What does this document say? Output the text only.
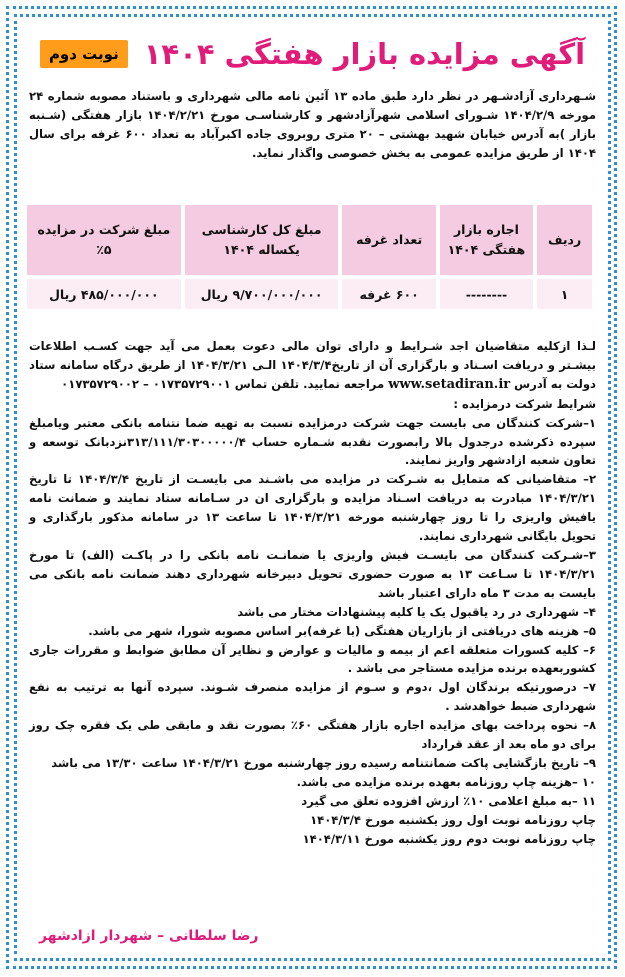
آگهی مزایده بازار هفتگی ۱۴۰۴
نوبت دوم
شـهرداری آزادشـهر در نظر دارد طبق ماده ۱۳ آئین نامه مالی شهرداری و باستناد مصوبه شماره ۲۴ مورخه ۱۴۰۴/۲/۹ شـورای اسلامی شهرآزادشهر و کارشناسـی مورخ ۱۴۰۴/۲/۲۱ بازار هفتگی (شـنبه بازار )به آدرس خیابان شهید بهشتی – ۲۰ متری روبروی جاده اکبرآباد به تعداد ۶۰۰ غرفه برای سال ۱۴۰۴ از طریق مزایده عمومی به بخش خصوصی واگذار نماید.
ردیف	اجاره بازار هفتگی ۱۴۰۴	تعداد غرفه	مبلغ کل کارشناسی یکساله ۱۴۰۴	مبلغ شرکت در مزایده ۵٪
۱	--------	۶۰۰ غرفه	۹/۷۰۰/۰۰۰/۰۰۰ ریال	۴۸۵/۰۰۰/۰۰۰ ریال

لـذا ازکلیه متقاضیان اجد شـرایط و دارای توان مالی دعوت بعمل می آید جهت کسـب اطلاعات بیشـتر و دریافت اسـناد و بارگزاری آن از تاریخ۱۴۰۴/۳/۴ الـی ۱۴۰۴/۳/۲۱ از طریق درگاه سامانه ستاد دولت به آدرس www.setadiran.ir مراجعه نمایید. تلفن تماس ۰۱۷۳۵۷۲۹۰۰۱ – ۰۱۷۳۵۷۲۹۰۰۲

شرایط شرکت درمزایده :

۱–شرکت کنندگان می بایست جهت شرکت درمزایده نسبت به تهیه ضما نتنامه بانکی معتبر ویامبلغ سپرده ذکرشده درجدول بالا رابصورت نقدبه شـماره حساب ۳۱۳/۱۱۱/۳۰۳۰۰۰۰۰/۴نزدبانک توسعه و تعاون شعبه ازادشهر واریز نمایند.

۲– متقاضیانی که متمایل به شـرکت در مزایده می باشـند می بایسـت از تاریخ ۱۴۰۴/۳/۴ تا تاریخ ۱۴۰۴/۳/۲۱ مبادرت به دریافت اسـناد مزایده و بارگزاری ان در سـامانه ستاد نمایند و ضمانت نامه یافیش واریزی را تا روز چهارشنبه مورخه ۱۴۰۴/۳/۲۱ تا ساعت ۱۳ در سامانه مذکور بارگذاری و تحویل بایگانی شهرداری نمایند.

۳–شـرکت کنندگان می بایسـت فیش واریزی یا ضمانـت نامه بانکی را در پاکـت (الف) تا مورخ ۱۴۰۴/۳/۲۱ تا سـاعت ۱۳ به صورت حضوری تحویل دبیرخانه شهرداری دهند ضمانت نامه بانکی می بایست به مدت ۳ ماه دارای اعتبار باشد

۴– شهرداری در رد یاقبول یک یا کلیه پیشنهادات مختار می باشد

۵– هزینه های دریافتی از بازاریان هفتگی (با غرفه)بر اساس مصوبه شورا، شهر می باشد.

۶– کلیه کسورات متعلقه اعم از بیمه و مالیات و عوارض و نظایر آن مطابق ضوابط و مقررات جاری کشوربعهده برنده مزایده مستاجر می باشد .

۷– درصورتیکه برندگان اول ،دوم و سـوم از مزایده منصرف شـوند. سپرده آنها به ترتیب به نفع شهرداری ضبط خواهدشد .

۸– نحوه پرداخت بهای مزایده اجاره بازار هفتگی ۶۰٪ بصورت نقد و مابقی طی یک فقره چک روز برای دو ماه بعد از عقد قرارداد

۹– تاریخ بازگشایی پاکت ضمانتنامه رسیده روز چهارشنبه مورخ ۱۴۰۴/۳/۲۱ ساعت ۱۳/۳۰ می باشد

۱۰ –هزینه چاپ روزنامه بعهده برنده مزایده می باشد.

۱۱ –به مبلغ اعلامی ۱۰٪ ارزش افزوده تعلق می گیرد

چاپ روزنامه نوبت اول روز یکشنبه مورخ ۱۴۰۴/۳/۴

چاپ روزنامه نوبت دوم روز یکشنبه مورخ ۱۴۰۴/۳/۱۱

رضا سلطانی – شهردار ازادشهر
